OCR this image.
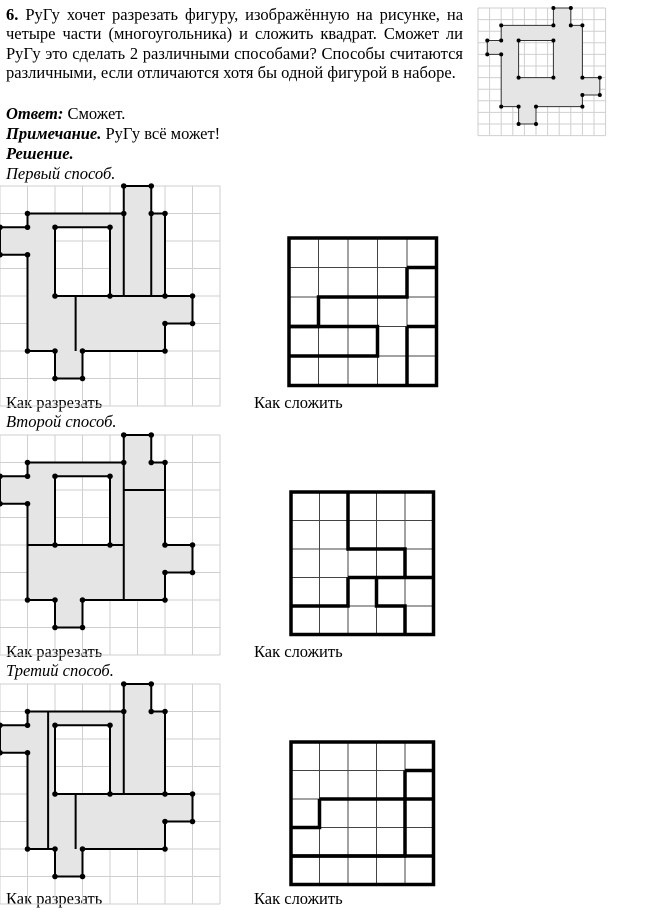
6. РуГу хочет разрезать фигуру, изображённую на рисунке, на четыре части (многоугольника) и сложить квадрат. Сможет ли РуГу это сделать 2 различными способами? Способы считаются различными, если отличаются хотя бы одной фигурой в наборе.

Ответ: Сможет.
Примечание. РуГу всё может!
Решение.
Первый способ.
Как разрезать	Как сложить
Второй способ.
Как разрезать	Как сложить
Третий способ.
Как разрезать	Как сложить
